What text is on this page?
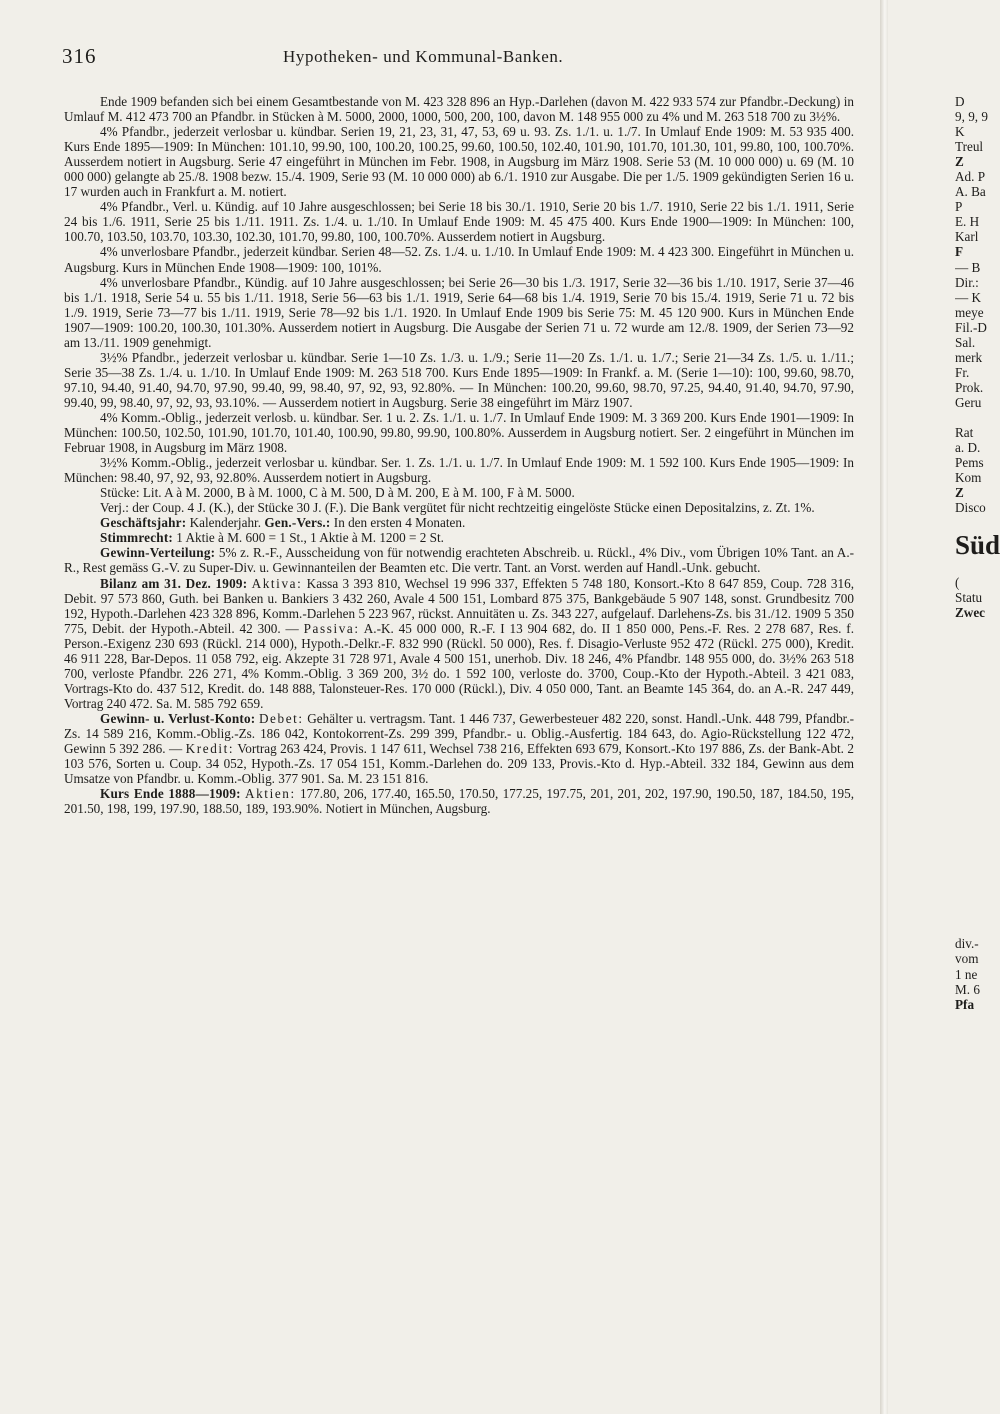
316	Hypotheken- und Kommunal-Banken.

Ende 1909 befanden sich bei einem Gesamtbestande von M. 423 328 896 an Hyp.-Darlehen (davon M. 422 933 574 zur Pfandbr.-Deckung) in Umlauf M. 412 473 700 an Pfandbr. in Stücken à M. 5000, 2000, 1000, 500, 200, 100, davon M. 148 955 000 zu 4% und M. 263 518 700 zu 3½%.

4% Pfandbr., jederzeit verlosbar u. kündbar. Serien 19, 21, 23, 31, 47, 53, 69 u. 93. Zs. 1./1. u. 1./7. In Umlauf Ende 1909: M. 53 935 400. Kurs Ende 1895—1909: In München: 101.10, 99.90, 100, 100.20, 100.25, 99.60, 100.50, 102.40, 101.90, 101.70, 101.30, 101, 99.80, 100, 100.70%. Ausserdem notiert in Augsburg. Serie 47 eingeführt in München im Febr. 1908, in Augsburg im März 1908. Serie 53 (M. 10 000 000) u. 69 (M. 10 000 000) gelangte ab 25./8. 1908 bezw. 15./4. 1909, Serie 93 (M. 10 000 000) ab 6./1. 1910 zur Ausgabe. Die per 1./5. 1909 gekündigten Serien 16 u. 17 wurden auch in Frankfurt a. M. notiert.

4% Pfandbr., Verl. u. Kündig. auf 10 Jahre ausgeschlossen; bei Serie 18 bis 30./1. 1910, Serie 20 bis 1./7. 1910, Serie 22 bis 1./1. 1911, Serie 24 bis 1./6. 1911, Serie 25 bis 1./11. 1911. Zs. 1./4. u. 1./10. In Umlauf Ende 1909: M. 45 475 400. Kurs Ende 1900—1909: In München: 100, 100.70, 103.50, 103.70, 103.30, 102.30, 101.70, 99.80, 100, 100.70%. Ausserdem notiert in Augsburg.

4% unverlosbare Pfandbr., jederzeit kündbar. Serien 48—52. Zs. 1./4. u. 1./10. In Umlauf Ende 1909: M. 4 423 300. Eingeführt in München u. Augsburg. Kurs in München Ende 1908—1909: 100, 101%.

4% unverlosbare Pfandbr., Kündig. auf 10 Jahre ausgeschlossen; bei Serie 26—30 bis 1./3. 1917, Serie 32—36 bis 1./10. 1917, Serie 37—46 bis 1./1. 1918, Serie 54 u. 55 bis 1./11. 1918, Serie 56—63 bis 1./1. 1919, Serie 64—68 bis 1./4. 1919, Serie 70 bis 15./4. 1919, Serie 71 u. 72 bis 1./9. 1919, Serie 73—77 bis 1./11. 1919, Serie 78—92 bis 1./1. 1920. In Umlauf Ende 1909 bis Serie 75: M. 45 120 900. Kurs in München Ende 1907—1909: 100.20, 100.30, 101.30%. Ausserdem notiert in Augsburg. Die Ausgabe der Serien 71 u. 72 wurde am 12./8. 1909, der Serien 73—92 am 13./11. 1909 genehmigt.

3½% Pfandbr., jederzeit verlosbar u. kündbar. Serie 1—10 Zs. 1./3. u. 1./9.; Serie 11—20 Zs. 1./1. u. 1./7.; Serie 21—34 Zs. 1./5. u. 1./11.; Serie 35—38 Zs. 1./4. u. 1./10. In Umlauf Ende 1909: M. 263 518 700. Kurs Ende 1895—1909: In Frankf. a. M. (Serie 1—10): 100, 99.60, 98.70, 97.10, 94.40, 91.40, 94.70, 97.90, 99.40, 99, 98.40, 97, 92, 93, 92.80%. — In München: 100.20, 99.60, 98.70, 97.25, 94.40, 91.40, 94.70, 97.90, 99.40, 99, 98.40, 97, 92, 93, 93.10%. — Ausserdem notiert in Augsburg. Serie 38 eingeführt im März 1907.

4% Komm.-Oblig., jederzeit verlosb. u. kündbar. Ser. 1 u. 2. Zs. 1./1. u. 1./7. In Umlauf Ende 1909: M. 3 369 200. Kurs Ende 1901—1909: In München: 100.50, 102.50, 101.90, 101.70, 101.40, 100.90, 99.80, 99.90, 100.80%. Ausserdem in Augsburg notiert. Ser. 2 eingeführt in München im Februar 1908, in Augsburg im März 1908.

3½% Komm.-Oblig., jederzeit verlosbar u. kündbar. Ser. 1. Zs. 1./1. u. 1./7. In Umlauf Ende 1909: M. 1 592 100. Kurs Ende 1905—1909: In München: 98.40, 97, 92, 93, 92.80%. Ausserdem notiert in Augsburg.

Stücke: Lit. A à M. 2000, B à M. 1000, C à M. 500, D à M. 200, E à M. 100, F à M. 5000.

Verj.: der Coup. 4 J. (K.), der Stücke 30 J. (F.). Die Bank vergütet für nicht rechtzeitig eingelöste Stücke einen Depositalzins, z. Zt. 1%.

Geschäftsjahr: Kalenderjahr. Gen.-Vers.: In den ersten 4 Monaten.

Stimmrecht: 1 Aktie à M. 600 = 1 St., 1 Aktie à M. 1200 = 2 St.

Gewinn-Verteilung: 5% z. R.-F., Ausscheidung von für notwendig erachteten Abschreib. u. Rückl., 4% Div., vom Übrigen 10% Tant. an A.-R., Rest gemäss G.-V. zu Super-Div. u. Gewinnanteilen der Beamten etc. Die vertr. Tant. an Vorst. werden auf Handl.-Unk. gebucht.

Bilanz am 31. Dez. 1909: Aktiva: Kassa 3 393 810, Wechsel 19 996 337, Effekten 5 748 180, Konsort.-Kto 8 647 859, Coup. 728 316, Debit. 97 573 860, Guth. bei Banken u. Bankiers 3 432 260, Avale 4 500 151, Lombard 875 375, Bankgebäude 5 907 148, sonst. Grundbesitz 700 192, Hypoth.-Darlehen 423 328 896, Komm.-Darlehen 5 223 967, rückst. Annuitäten u. Zs. 343 227, aufgelauf. Darlehens-Zs. bis 31./12. 1909 5 350 775, Debit. der Hypoth.-Abteil. 42 300. — Passiva: A.-K. 45 000 000, R.-F. I 13 904 682, do. II 1 850 000, Pens.-F. Res. 2 278 687, Res. f. Person.-Exigenz 230 693 (Rückl. 214 000), Hypoth.-Delkr.-F. 832 990 (Rückl. 50 000), Res. f. Disagio-Verluste 952 472 (Rückl. 275 000), Kredit. 46 911 228, Bar-Depos. 11 058 792, eig. Akzepte 31 728 971, Avale 4 500 151, unerhob. Div. 18 246, 4% Pfandbr. 148 955 000, do. 3½% 263 518 700, verloste Pfandbr. 226 271, 4% Komm.-Oblig. 3 369 200, 3½ do. 1 592 100, verloste do. 3700, Coup.-Kto der Hypoth.-Abteil. 3 421 083, Vortrags-Kto do. 437 512, Kredit. do. 148 888, Talonsteuer-Res. 170 000 (Rückl.), Div. 4 050 000, Tant. an Beamte 145 364, do. an A.-R. 247 449, Vortrag 240 472. Sa. M. 585 792 659.

Gewinn- u. Verlust-Konto: Debet: Gehälter u. vertragsm. Tant. 1 446 737, Gewerbesteuer 482 220, sonst. Handl.-Unk. 448 799, Pfandbr.-Zs. 14 589 216, Komm.-Oblig.-Zs. 186 042, Kontokorrent-Zs. 299 399, Pfandbr.- u. Oblig.-Ausfertig. 184 643, do. Agio-Rückstellung 122 472, Gewinn 5 392 286. — Kredit: Vortrag 263 424, Provis. 1 147 611, Wechsel 738 216, Effekten 693 679, Konsort.-Kto 197 886, Zs. der Bank-Abt. 2 103 576, Sorten u. Coup. 34 052, Hypoth.-Zs. 17 054 151, Komm.-Darlehen do. 209 133, Provis.-Kto d. Hyp.-Abteil. 332 184, Gewinn aus dem Umsatze von Pfandbr. u. Komm.-Oblig. 377 901. Sa. M. 23 151 816.

Kurs Ende 1888—1909: Aktien: 177.80, 206, 177.40, 165.50, 170.50, 177.25, 197.75, 201, 201, 202, 197.90, 190.50, 187, 184.50, 195, 201.50, 198, 199, 197.90, 188.50, 189, 193.90%. Notiert in München, Augsburg.

D
9, 9, 9
K
Treul
Z
Ad. P
A. Ba
P
E. H
Karl
F
— B
Dir.:
— K
meye
Fil.-D
Sal.
merk
Fr.
Prok.
Geru
Rat
a. D.
Pems
Kom
Z
Disco
Süd
(
Statu
Zwec
div.-
vom
1 ne
M. 6
Pfa
